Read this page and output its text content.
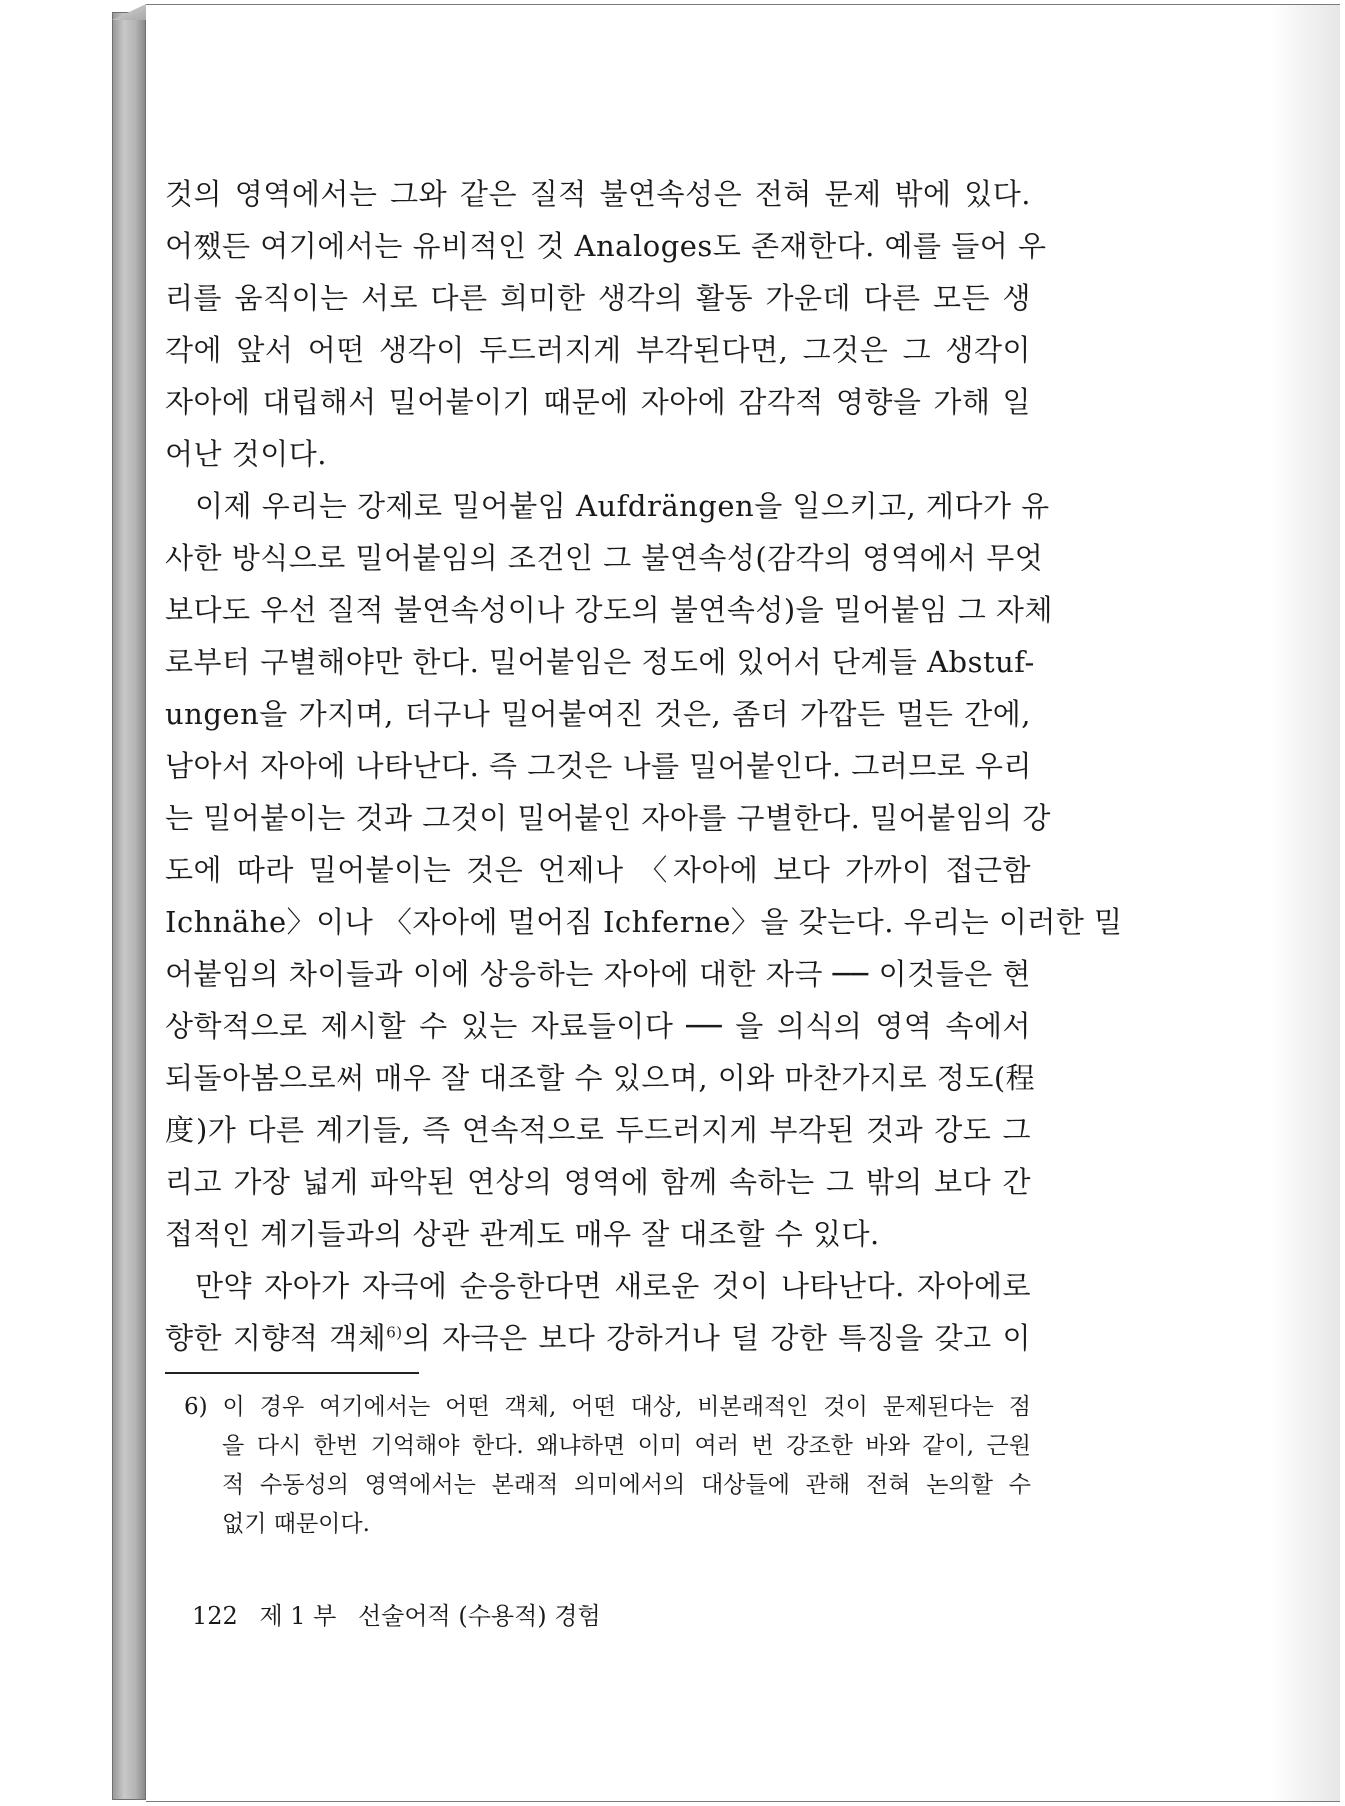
것의 영역에서는 그와 같은 질적 불연속성은 전혀 문제 밖에 있다.
어쨌든 여기에서는 유비적인 것 Analoges도 존재한다. 예를 들어 우
리를 움직이는 서로 다른 희미한 생각의 활동 가운데 다른 모든 생
각에 앞서 어떤 생각이 두드러지게 부각된다면, 그것은 그 생각이
자아에 대립해서 밀어붙이기 때문에 자아에 감각적 영향을 가해 일
어난 것이다.
이제 우리는 강제로 밀어붙임 Aufdrängen을 일으키고, 게다가 유
사한 방식으로 밀어붙임의 조건인 그 불연속성(감각의 영역에서 무엇
보다도 우선 질적 불연속성이나 강도의 불연속성)을 밀어붙임 그 자체
로부터 구별해야만 한다. 밀어붙임은 정도에 있어서 단계들 Abstuf-
ungen을 가지며, 더구나 밀어붙여진 것은, 좀더 가깝든 멀든 간에,
남아서 자아에 나타난다. 즉 그것은 나를 밀어붙인다. 그러므로 우리
는 밀어붙이는 것과 그것이 밀어붙인 자아를 구별한다. 밀어붙임의 강
도에 따라 밀어붙이는 것은 언제나 〈자아에 보다 가까이 접근함
Ichnähe〉이나 〈자아에 멀어짐 Ichferne〉을 갖는다. 우리는 이러한 밀
어붙임의 차이들과 이에 상응하는 자아에 대한 자극 ── 이것들은 현
상학적으로 제시할 수 있는 자료들이다 ── 을 의식의 영역 속에서
되돌아봄으로써 매우 잘 대조할 수 있으며, 이와 마찬가지로 정도(程
度)가 다른 계기들, 즉 연속적으로 두드러지게 부각된 것과 강도 그
리고 가장 넓게 파악된 연상의 영역에 함께 속하는 그 밖의 보다 간
접적인 계기들과의 상관 관계도 매우 잘 대조할 수 있다.
만약 자아가 자극에 순응한다면 새로운 것이 나타난다. 자아에로
향한 지향적 객체$^{6)}$의 자극은 보다 강하거나 덜 강한 특징을 갖고 이
6) 이 경우 여기에서는 어떤 객체, 어떤 대상, 비본래적인 것이 문제된다는 점
을 다시 한번 기억해야 한다. 왜냐하면 이미 여러 번 강조한 바와 같이, 근원
적 수동성의 영역에서는 본래적 의미에서의 대상들에 관해 전혀 논의할 수
없기 때문이다.
122 제 1 부 선술어적 (수용적) 경험
